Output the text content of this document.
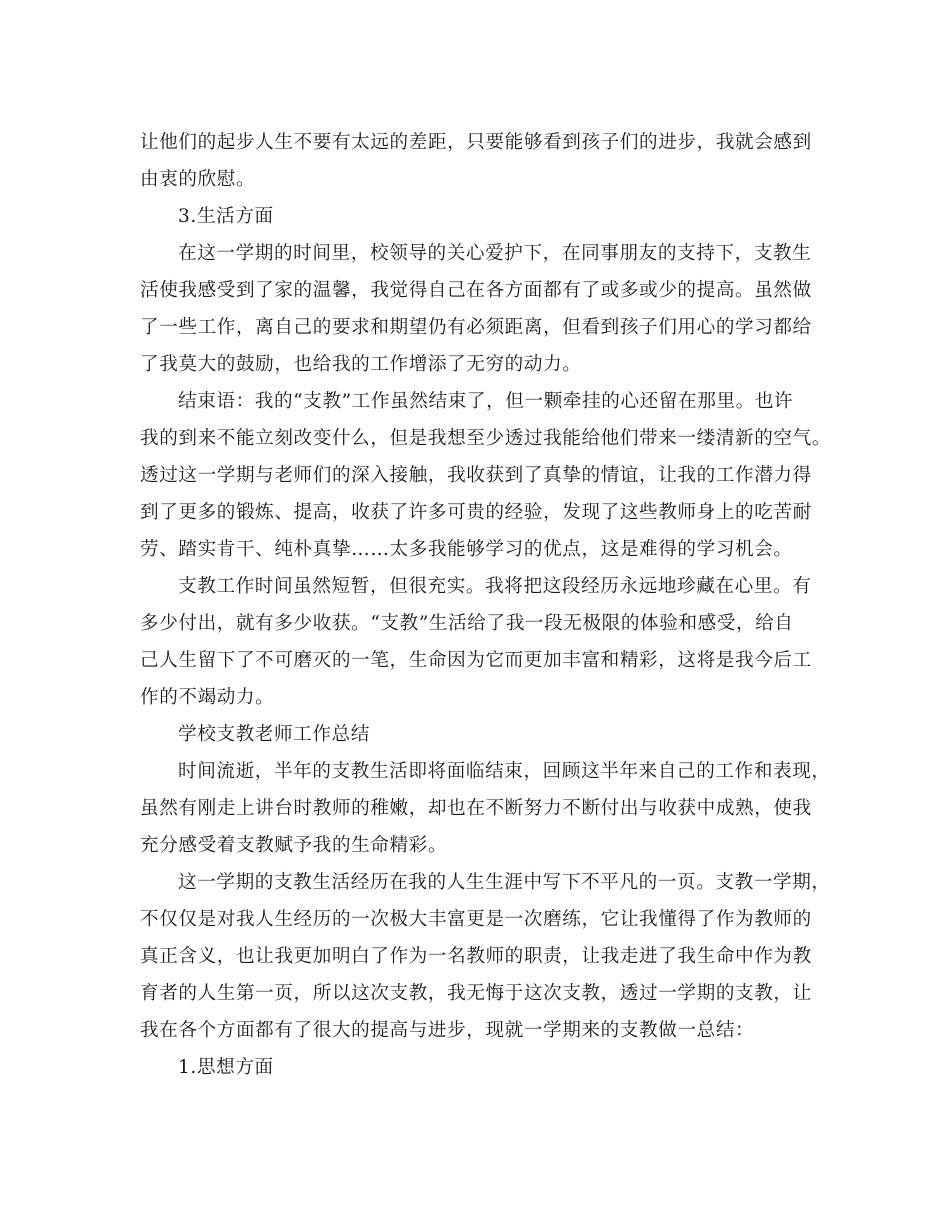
让他们的起步人生不要有太远的差距，只要能够看到孩子们的进步，我就会感到
由衷的欣慰。
3.生活方面
在这一学期的时间里，校领导的关心爱护下，在同事朋友的支持下，支教生
活使我感受到了家的温馨，我觉得自己在各方面都有了或多或少的提高。虽然做
了一些工作，离自己的要求和期望仍有必须距离，但看到孩子们用心的学习都给
了我莫大的鼓励，也给我的工作增添了无穷的动力。
结束语：我的“支教”工作虽然结束了，但一颗牵挂的心还留在那里。也许
我的到来不能立刻改变什么，但是我想至少透过我能给他们带来一缕清新的空气。
透过这一学期与老师们的深入接触，我收获到了真挚的情谊，让我的工作潜力得
到了更多的锻炼、提高，收获了许多可贵的经验，发现了这些教师身上的吃苦耐
劳、踏实肯干、纯朴真挚……太多我能够学习的优点，这是难得的学习机会。
支教工作时间虽然短暂，但很充实。我将把这段经历永远地珍藏在心里。有
多少付出，就有多少收获。“支教”生活给了我一段无极限的体验和感受，给自
己人生留下了不可磨灭的一笔，生命因为它而更加丰富和精彩，这将是我今后工
作的不竭动力。
学校支教老师工作总结
时间流逝，半年的支教生活即将面临结束，回顾这半年来自己的工作和表现，
虽然有刚走上讲台时教师的稚嫩，却也在不断努力不断付出与收获中成熟，使我
充分感受着支教赋予我的生命精彩。
这一学期的支教生活经历在我的人生生涯中写下不平凡的一页。支教一学期，
不仅仅是对我人生经历的一次极大丰富更是一次磨练，它让我懂得了作为教师的
真正含义，也让我更加明白了作为一名教师的职责，让我走进了我生命中作为教
育者的人生第一页，所以这次支教，我无悔于这次支教，透过一学期的支教，让
我在各个方面都有了很大的提高与进步，现就一学期来的支教做一总结：
1.思想方面
